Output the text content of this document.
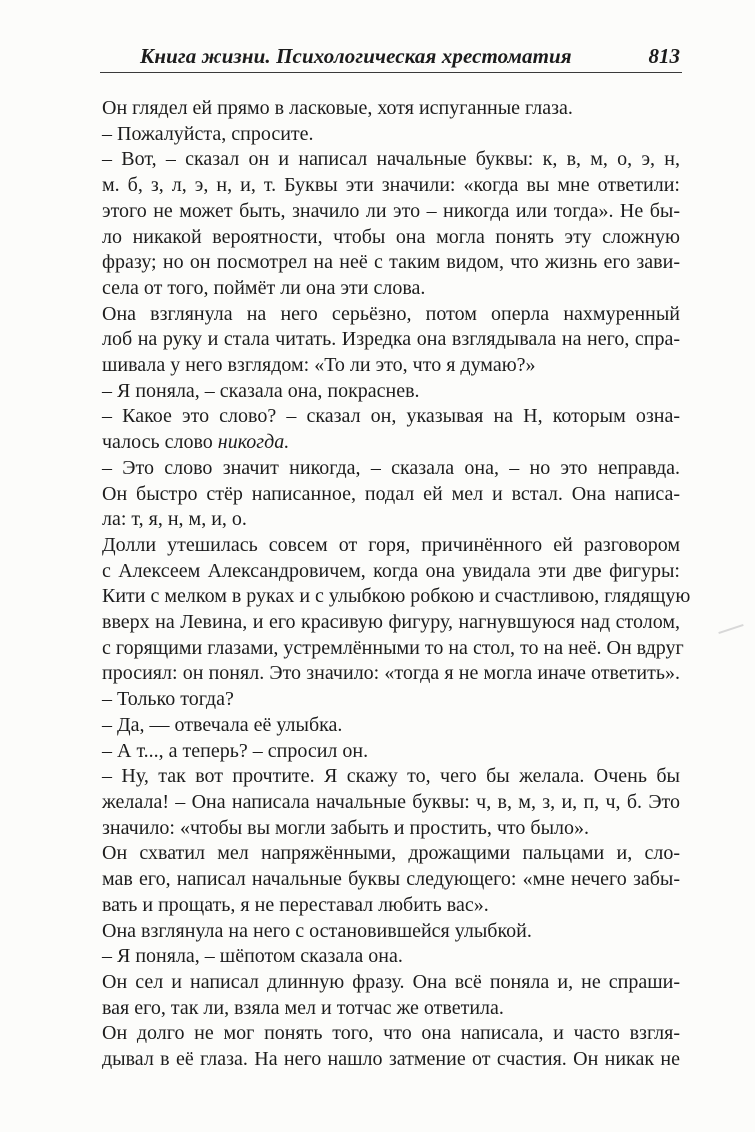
Книга жизни. Психологическая хрестоматия	813
Он глядел ей прямо в ласковые, хотя испуганные глаза.
– Пожалуйста, спросите.
– Вот, – сказал он и написал начальные буквы: к, в, м, о, э, н,
м. б, з, л, э, н, и, т. Буквы эти значили: «когда вы мне ответили:
этого не может быть, значило ли это – никогда или тогда». Не бы-
ло никакой вероятности, чтобы она могла понять эту сложную
фразу; но он посмотрел на неё с таким видом, что жизнь его зави-
села от того, поймёт ли она эти слова.
Она взглянула на него серьёзно, потом оперла нахмуренный
лоб на руку и стала читать. Изредка она взглядывала на него, спра-
шивала у него взглядом: «То ли это, что я думаю?»
– Я поняла, – сказала она, покраснев.
– Какое это слово? – сказал он, указывая на Н, которым озна-
чалось слово никогда.
– Это слово значит никогда, – сказала она, – но это неправда.
Он быстро стёр написанное, подал ей мел и встал. Она написа-
ла: т, я, н, м, и, о.
Долли утешилась совсем от горя, причинённого ей разговором
с Алексеем Александровичем, когда она увидала эти две фигуры:
Кити с мелком в руках и с улыбкою робкою и счастливою, глядящую
вверх на Левина, и его красивую фигуру, нагнувшуюся над столом,
с горящими глазами, устремлёнными то на стол, то на неё. Он вдруг
просиял: он понял. Это значило: «тогда я не могла иначе ответить».
– Только тогда?
– Да, — отвечала её улыбка.
– А т..., а теперь? – спросил он.
– Ну, так вот прочтите. Я скажу то, чего бы желала. Очень бы
желала! – Она написала начальные буквы: ч, в, м, з, и, п, ч, б. Это
значило: «чтобы вы могли забыть и простить, что было».
Он схватил мел напряжёнными, дрожащими пальцами и, сло-
мав его, написал начальные буквы следующего: «мне нечего забы-
вать и прощать, я не переставал любить вас».
Она взглянула на него с остановившейся улыбкой.
– Я поняла, – шёпотом сказала она.
Он сел и написал длинную фразу. Она всё поняла и, не спраши-
вая его, так ли, взяла мел и тотчас же ответила.
Он долго не мог понять того, что она написала, и часто взгля-
дывал в её глаза. На него нашло затмение от счастия. Он никак не
